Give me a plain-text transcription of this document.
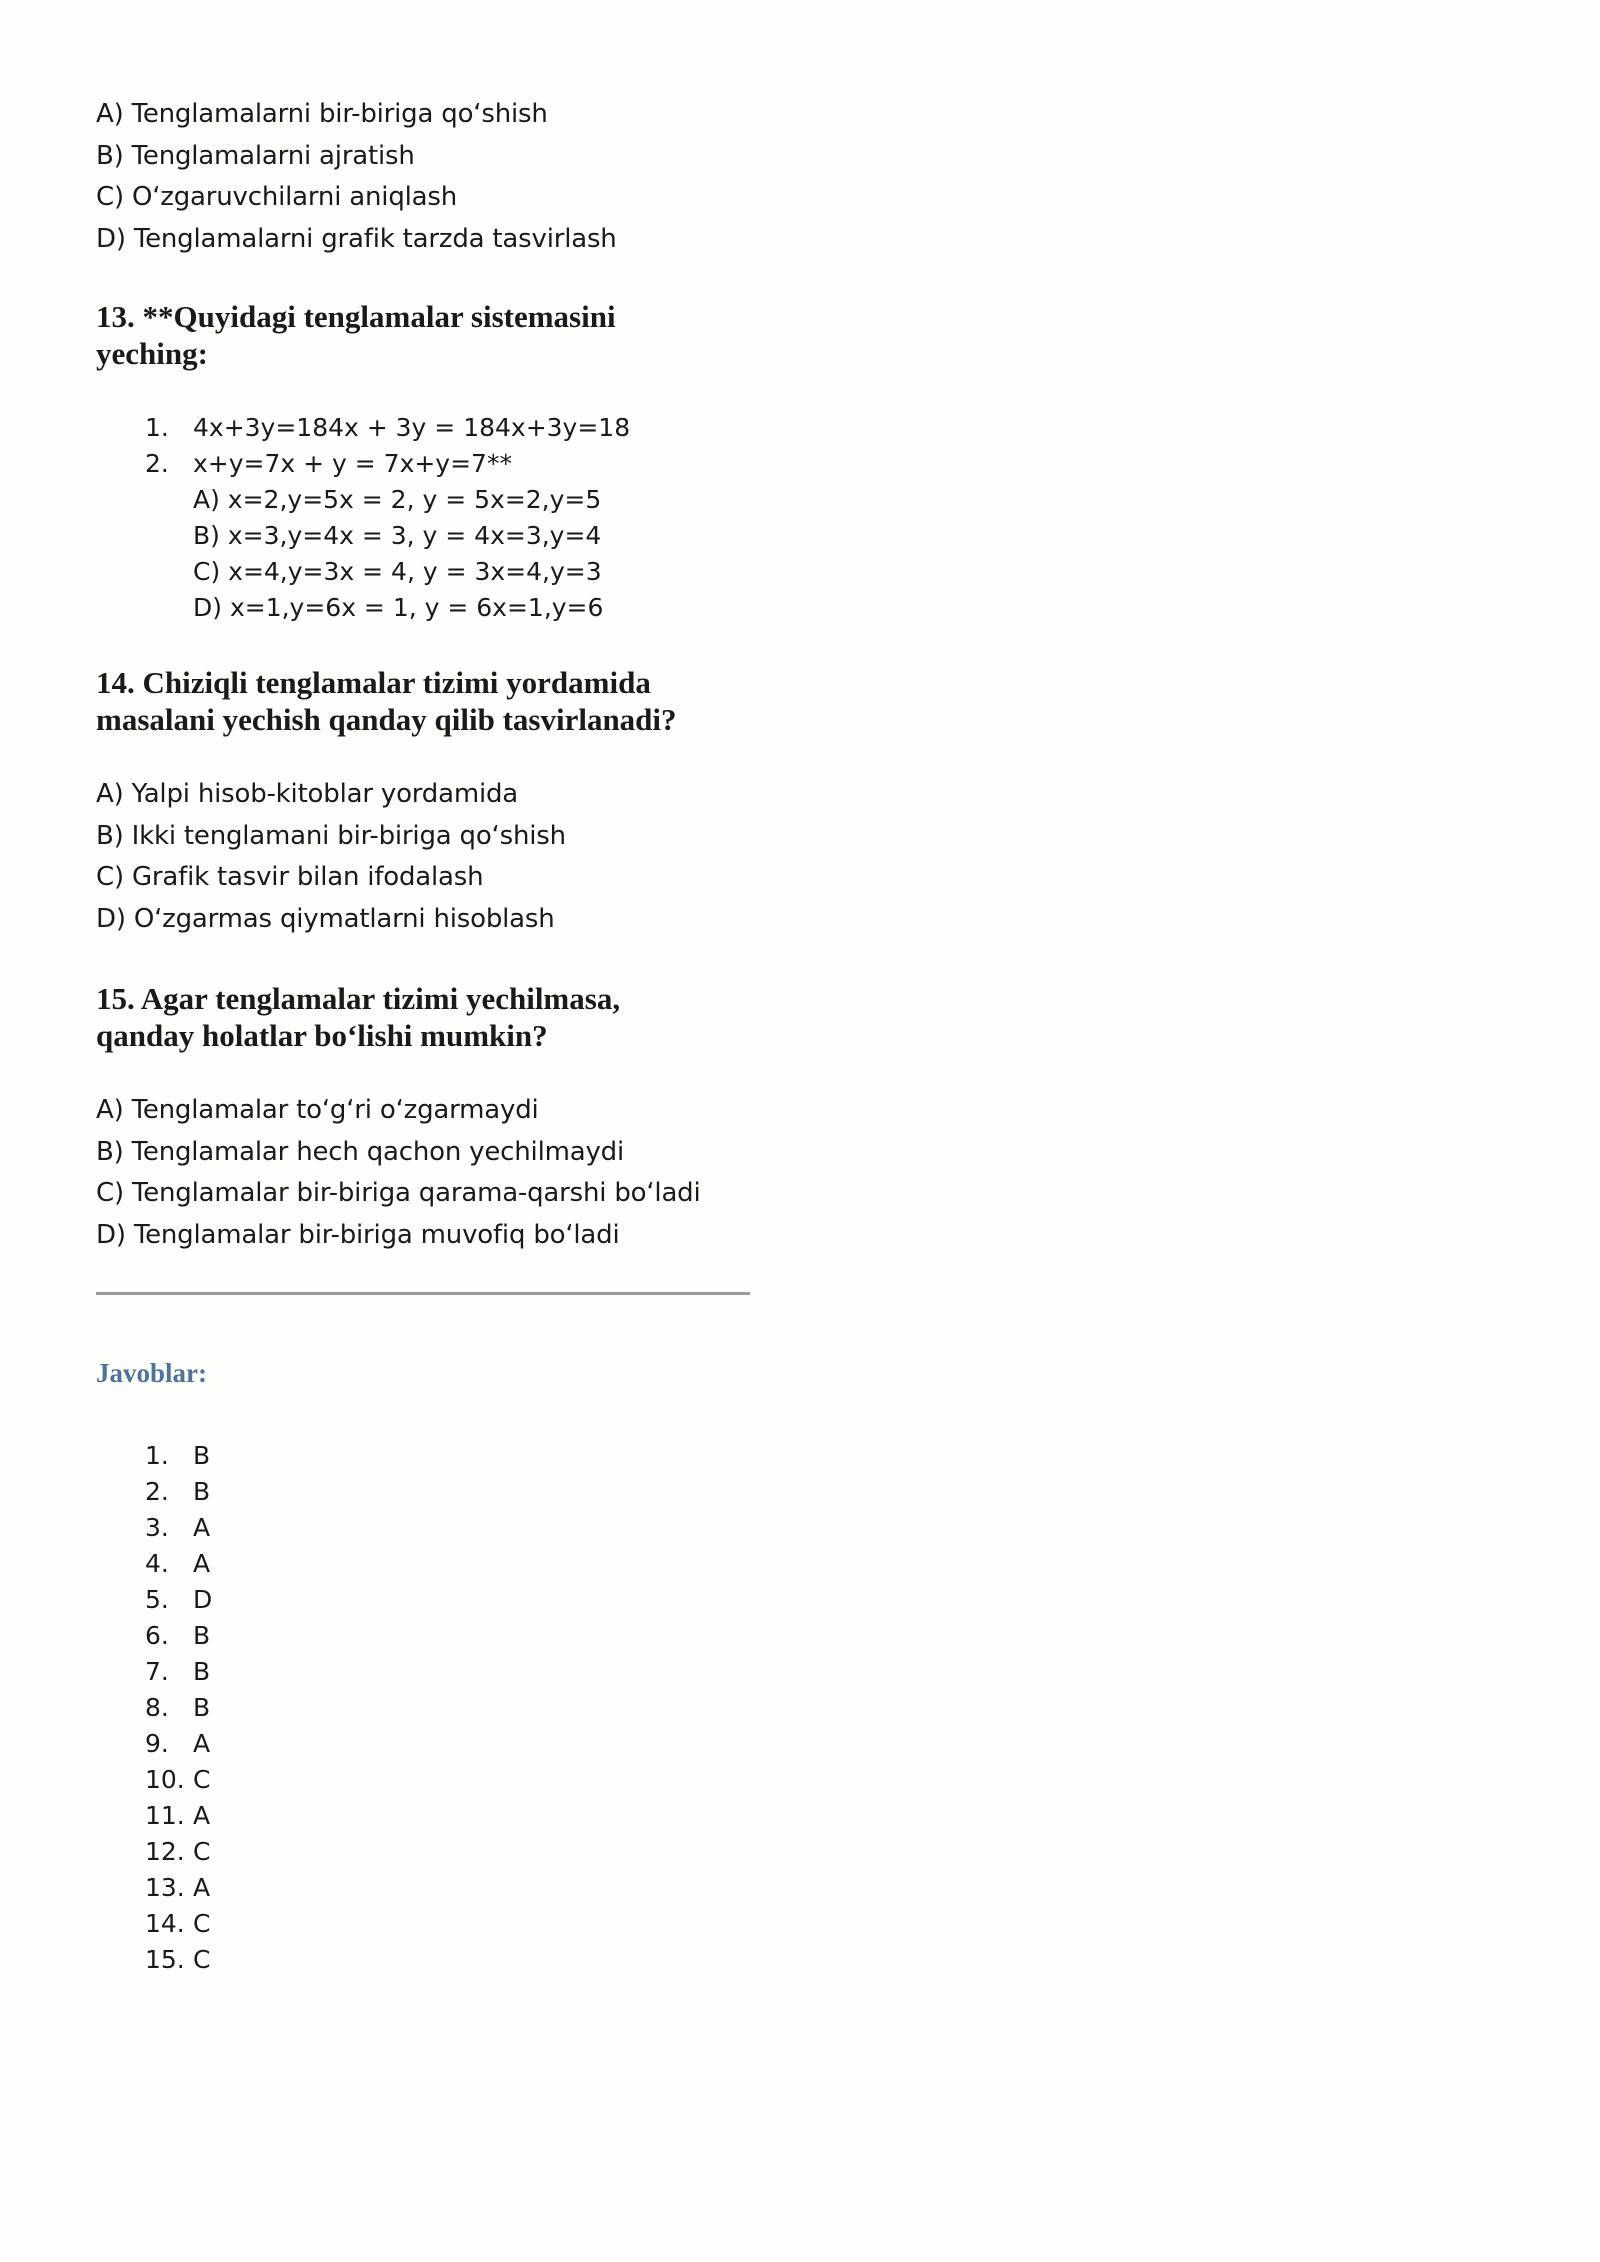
A) Tenglamalarni bir-biriga qo‘shish

B) Tenglamalarni ajratish

C) O‘zgaruvchilarni aniqlash

D) Tenglamalarni grafik tarzda tasvirlash

13. **Quyidagi tenglamalar sistemasini

yeching:

1. 4x+3y=184x + 3y = 184x+3y=18
2. x+y=7x + y = 7x+y=7**
A) x=2,y=5x = 2, y = 5x=2,y=5
B) x=3,y=4x = 3, y = 4x=3,y=4
C) x=4,y=3x = 4, y = 3x=4,y=3
D) x=1,y=6x = 1, y = 6x=1,y=6

14. Chiziqli tenglamalar tizimi yordamida

masalani yechish qanday qilib tasvirlanadi?

A) Yalpi hisob-kitoblar yordamida

B) Ikki tenglamani bir-biriga qo‘shish

C) Grafik tasvir bilan ifodalash

D) O‘zgarmas qiymatlarni hisoblash

15. Agar tenglamalar tizimi yechilmasa,

qanday holatlar bo‘lishi mumkin?

A) Tenglamalar to‘g‘ri o‘zgarmaydi

B) Tenglamalar hech qachon yechilmaydi

C) Tenglamalar bir-biriga qarama-qarshi bo‘ladi

D) Tenglamalar bir-biriga muvofiq bo‘ladi

Javoblar:
1. B
2. B
3. A
4. A
5. D
6. B
7. B
8. B
9. A
10. C
11. A
12. C
13. A
14. C
15. C
